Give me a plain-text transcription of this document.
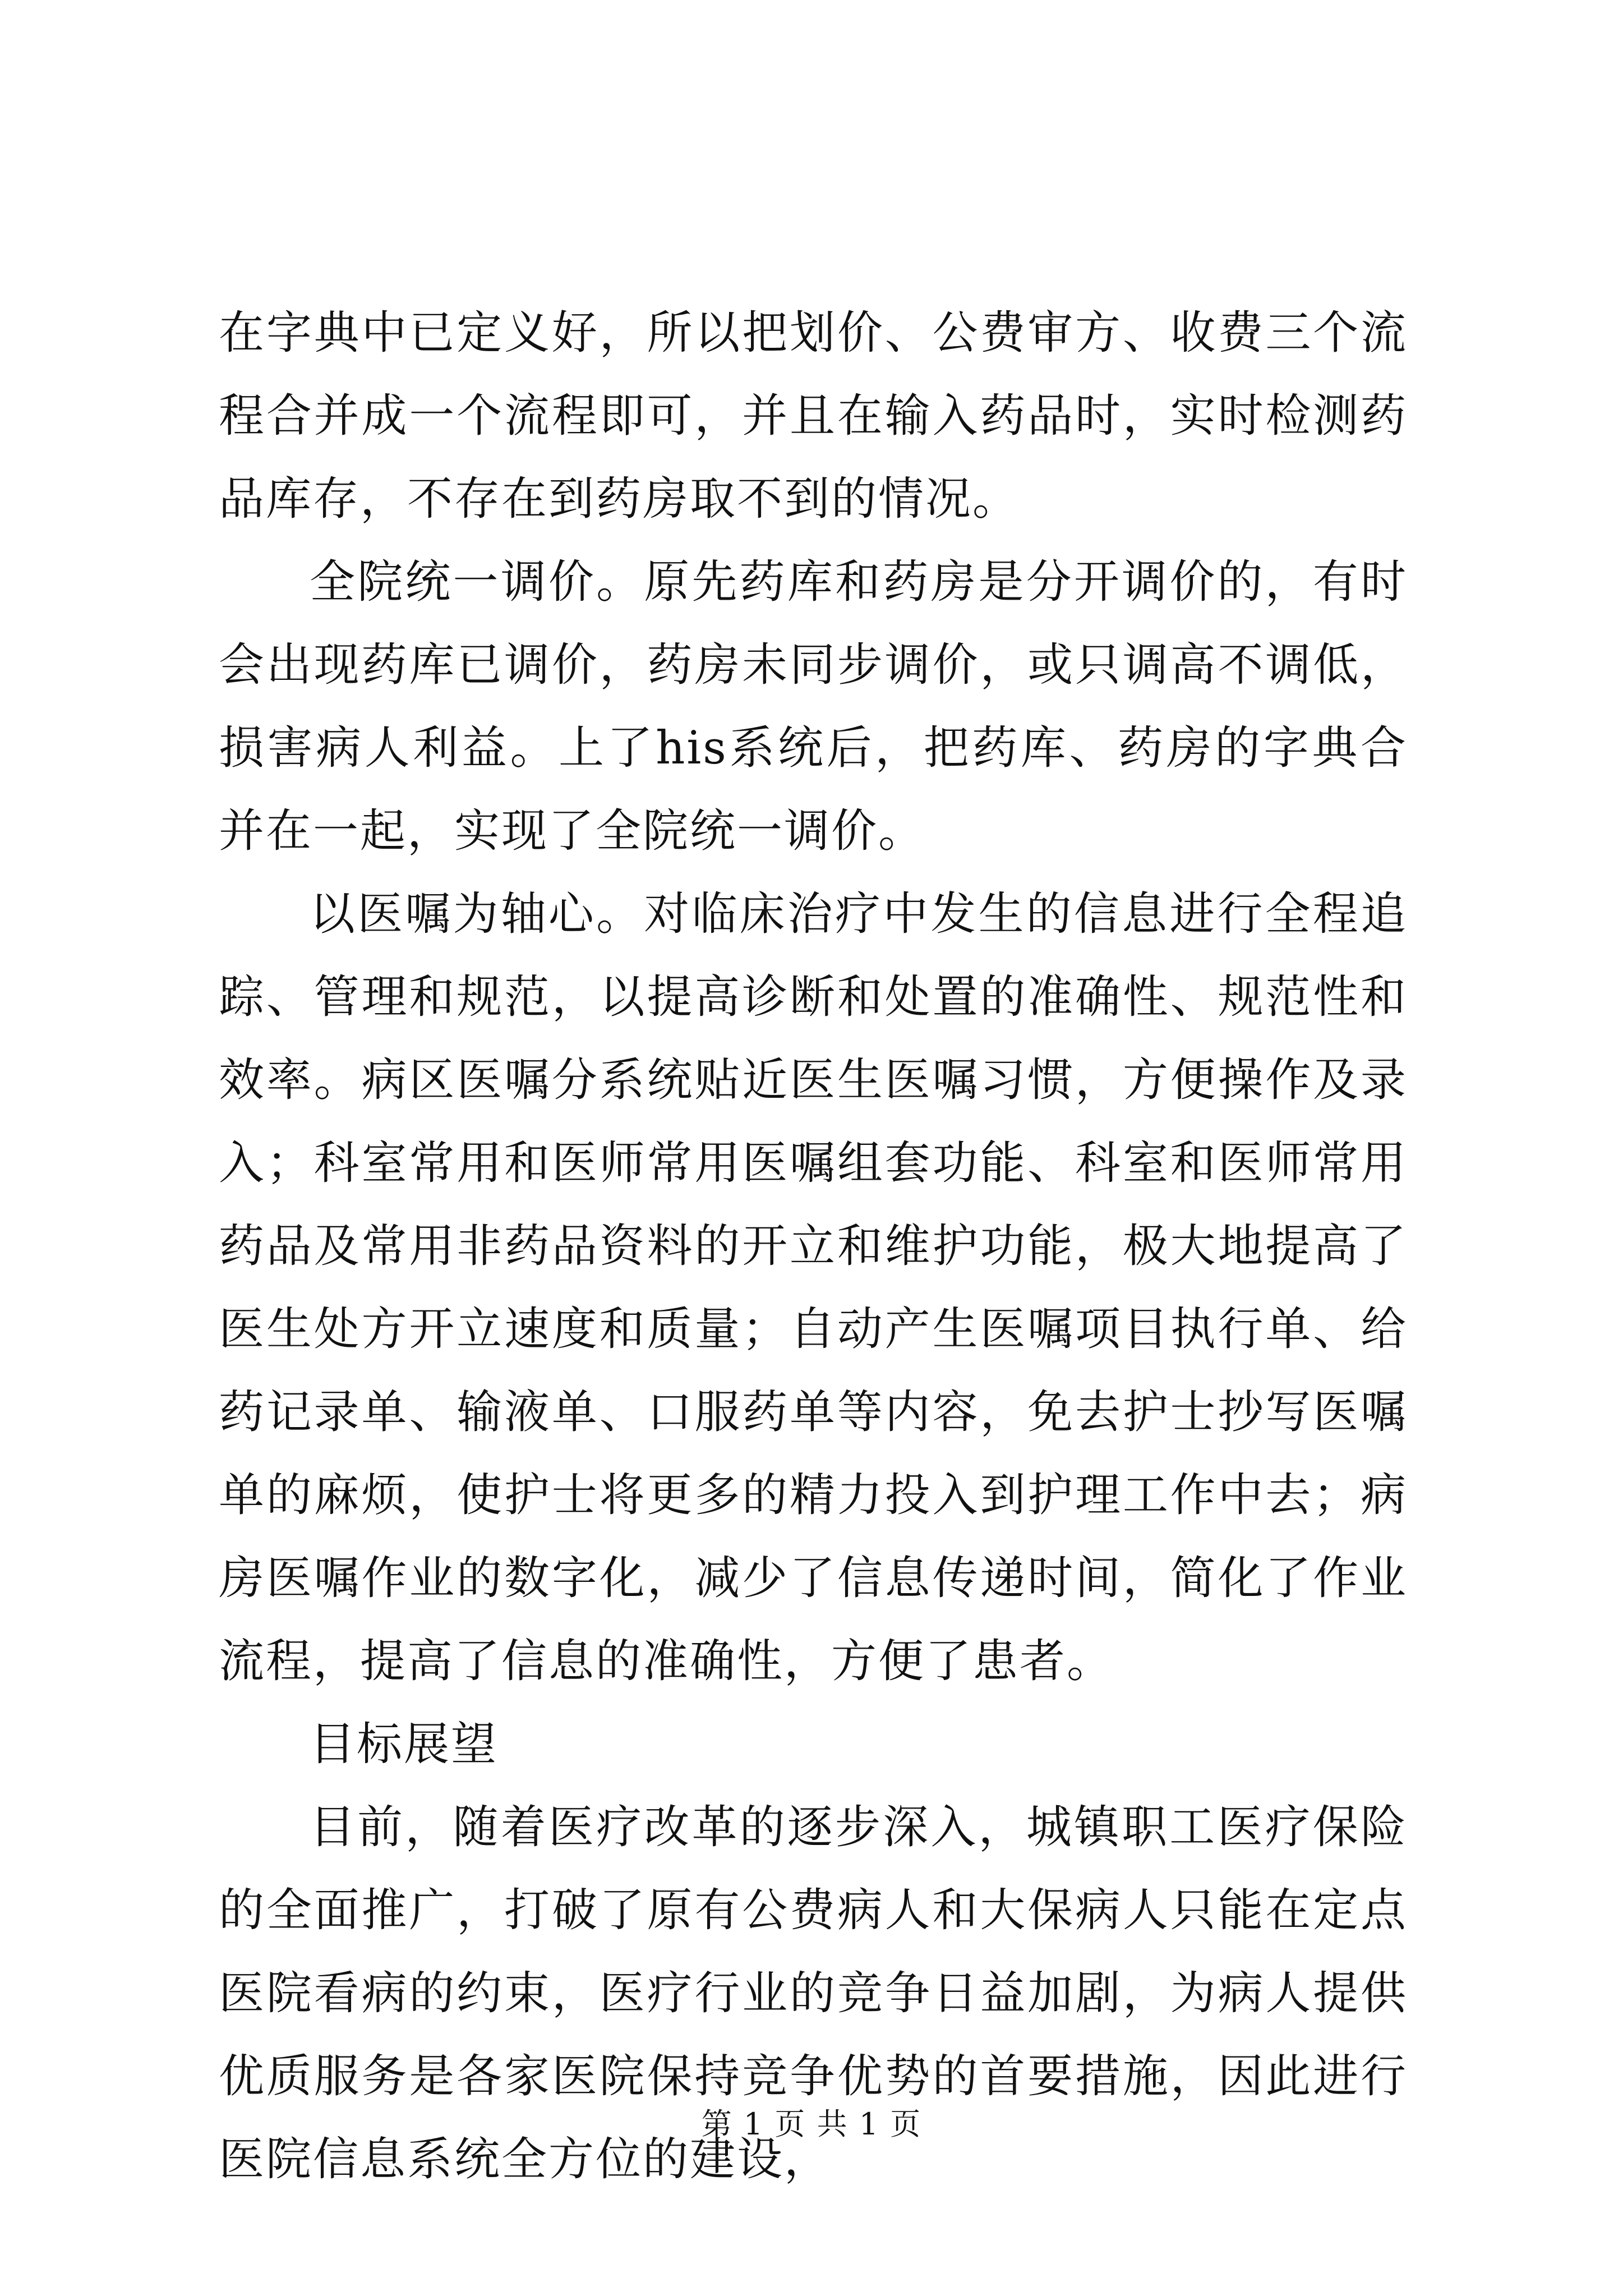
在字典中已定义好，所以把划价、公费审方、收费三个流程合并成一个流程即可，并且在输入药品时，实时检测药品库存，不存在到药房取不到的情况。

全院统一调价。原先药库和药房是分开调价的，有时会出现药库已调价，药房未同步调价，或只调高不调低，损害病人利益。上了his系统后，把药库、药房的字典合并在一起，实现了全院统一调价。

以医嘱为轴心。对临床治疗中发生的信息进行全程追踪、管理和规范，以提高诊断和处置的准确性、规范性和效率。病区医嘱分系统贴近医生医嘱习惯，方便操作及录入；科室常用和医师常用医嘱组套功能、科室和医师常用药品及常用非药品资料的开立和维护功能，极大地提高了医生处方开立速度和质量；自动产生医嘱项目执行单、给药记录单、输液单、口服药单等内容，免去护士抄写医嘱单的麻烦，使护士将更多的精力投入到护理工作中去；病房医嘱作业的数字化，减少了信息传递时间，简化了作业流程，提高了信息的准确性，方便了患者。

目标展望

目前，随着医疗改革的逐步深入，城镇职工医疗保险的全面推广，打破了原有公费病人和大保病人只能在定点医院看病的约束，医疗行业的竞争日益加剧，为病人提供优质服务是各家医院保持竞争优势的首要措施，因此进行医院信息系统全方位的建设，

第 1 页 共 1 页
